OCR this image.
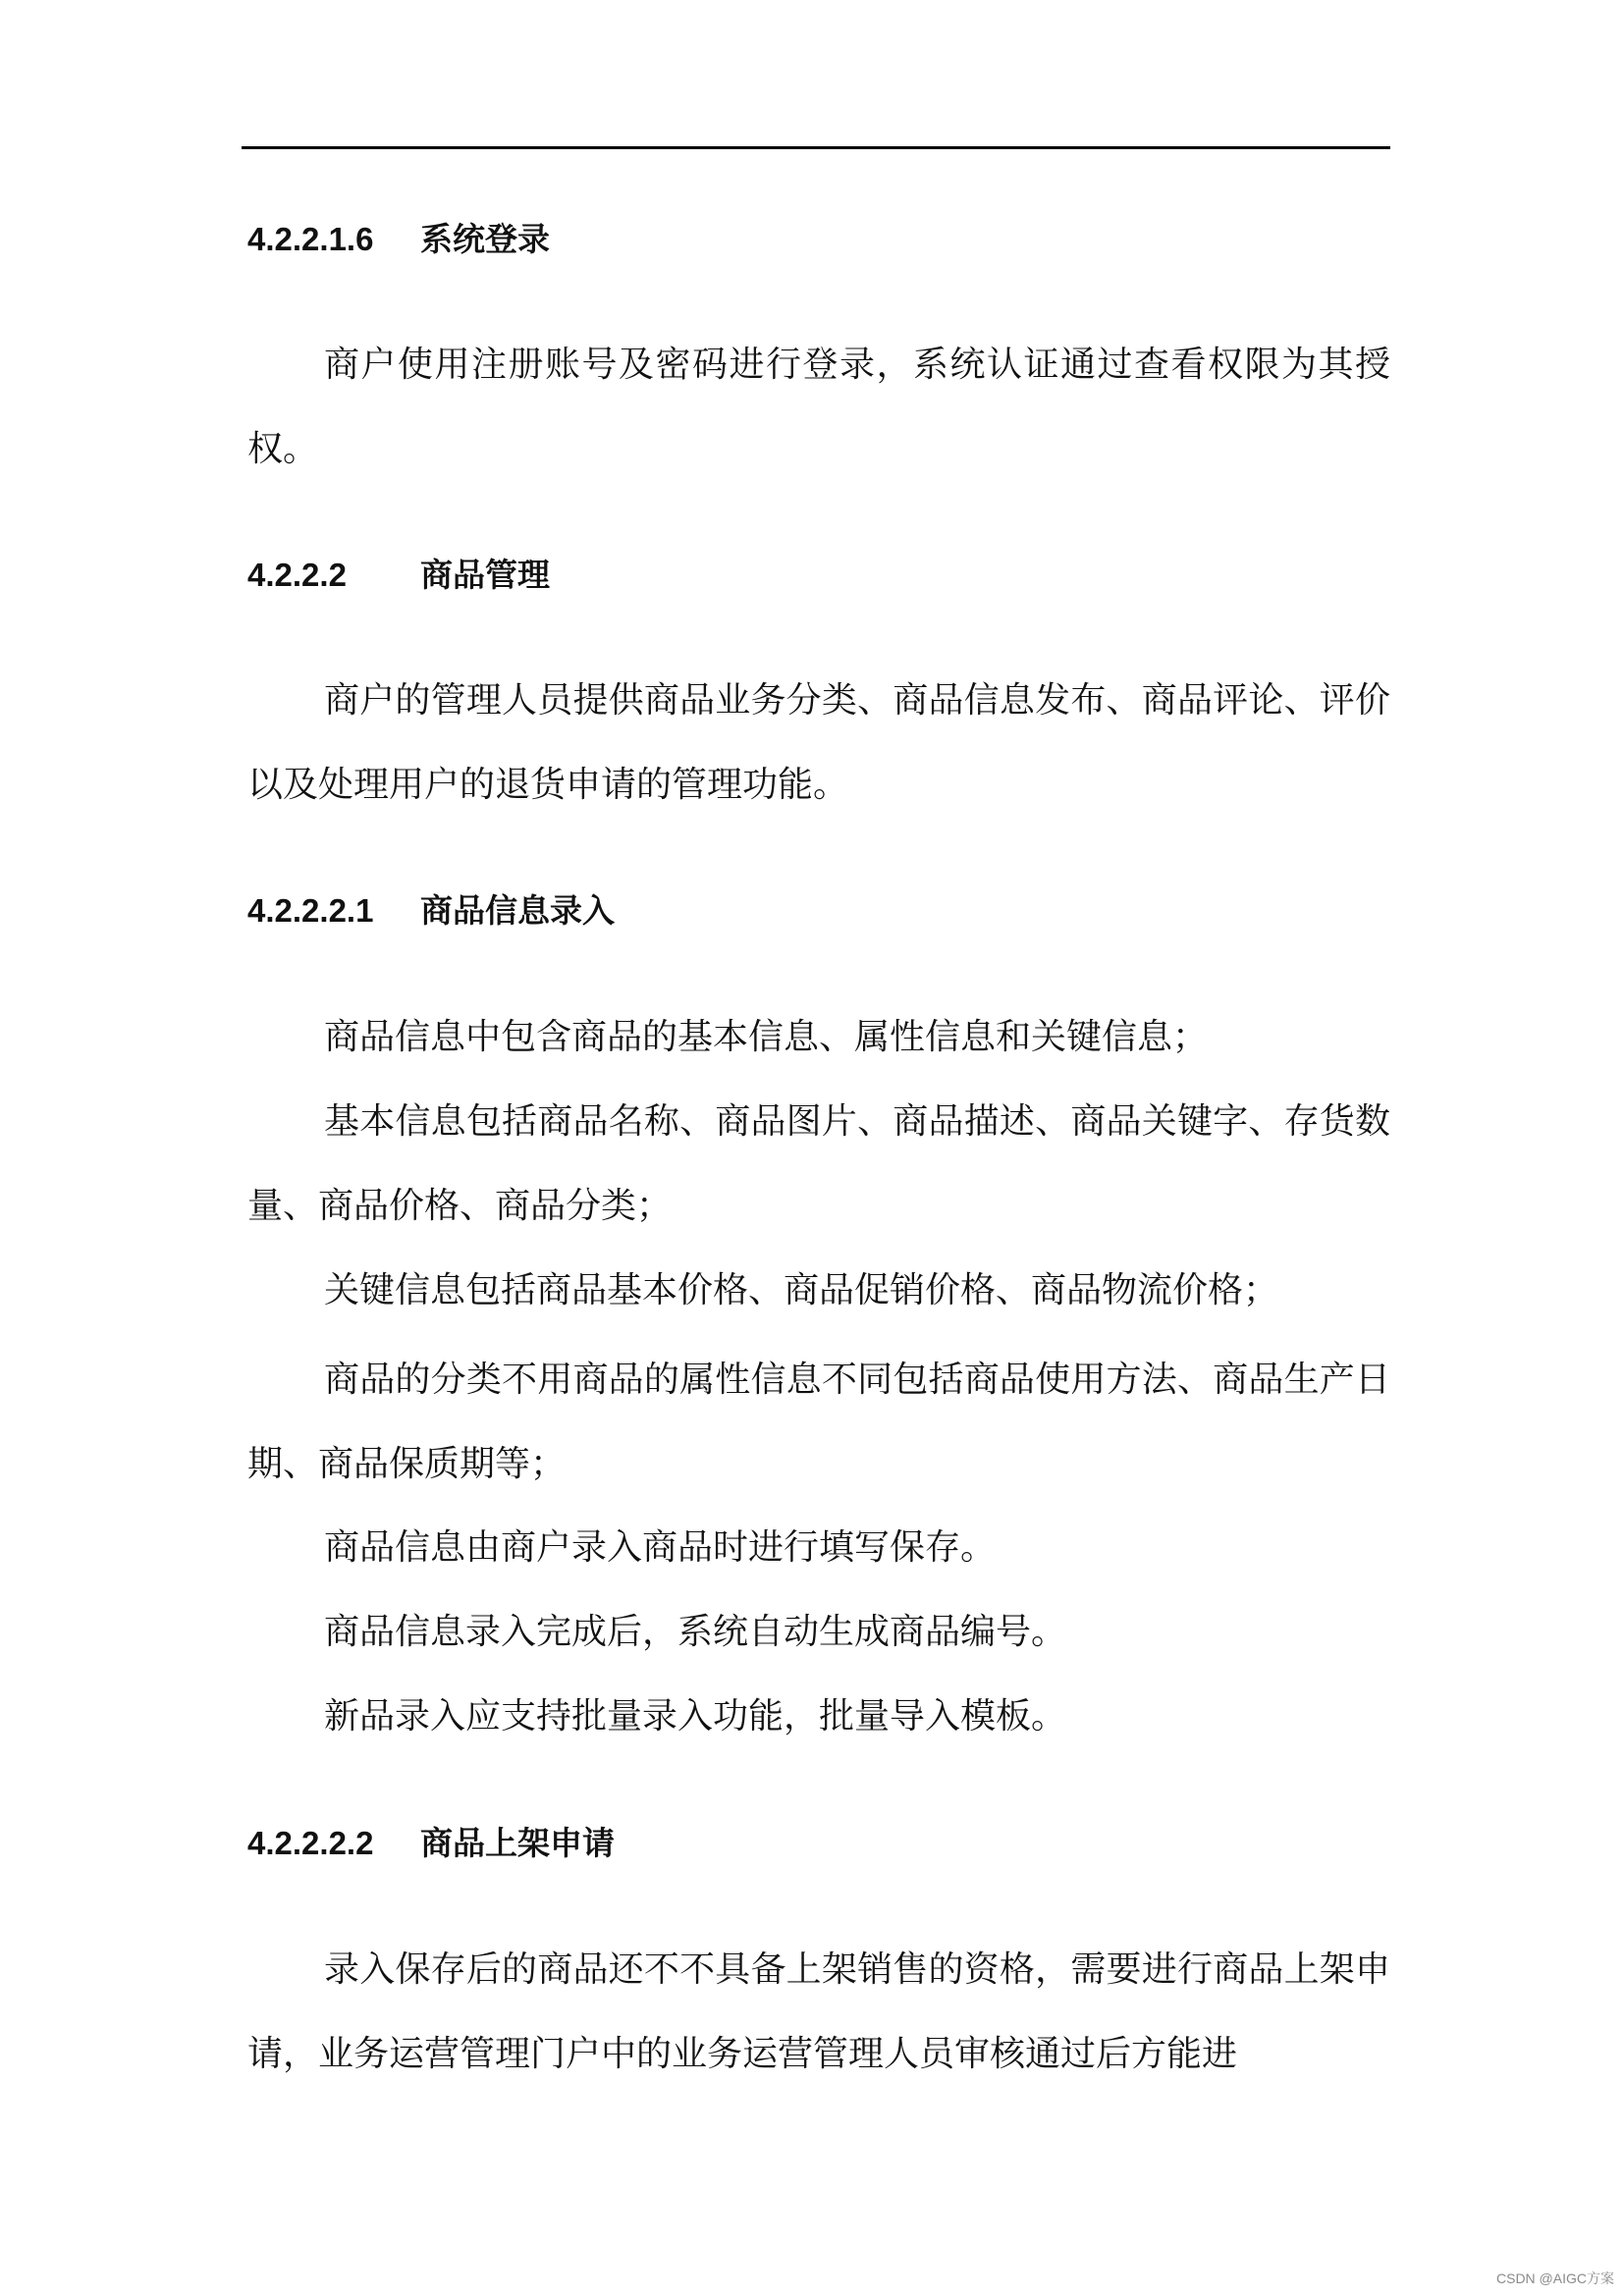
4.2.2.1.6 系统登录
商户使用注册账号及密码进行登录，系统认证通过查看权限为其授权。
4.2.2.2 商品管理
商户的管理人员提供商品业务分类、商品信息发布、商品评论、评价以及处理用户的退货申请的管理功能。
4.2.2.2.1 商品信息录入
商品信息中包含商品的基本信息、属性信息和关键信息；
基本信息包括商品名称、商品图片、商品描述、商品关键字、存货数量、商品价格、商品分类；
关键信息包括商品基本价格、商品促销价格、商品物流价格；
商品的分类不用商品的属性信息不同包括商品使用方法、商品生产日期、商品保质期等；
商品信息由商户录入商品时进行填写保存。
商品信息录入完成后，系统自动生成商品编号。
新品录入应支持批量录入功能，批量导入模板。
4.2.2.2.2 商品上架申请
录入保存后的商品还不不具备上架销售的资格，需要进行商品上架申请，业务运营管理门户中的业务运营管理人员审核通过后方能进
CSDN @AIGC方案
